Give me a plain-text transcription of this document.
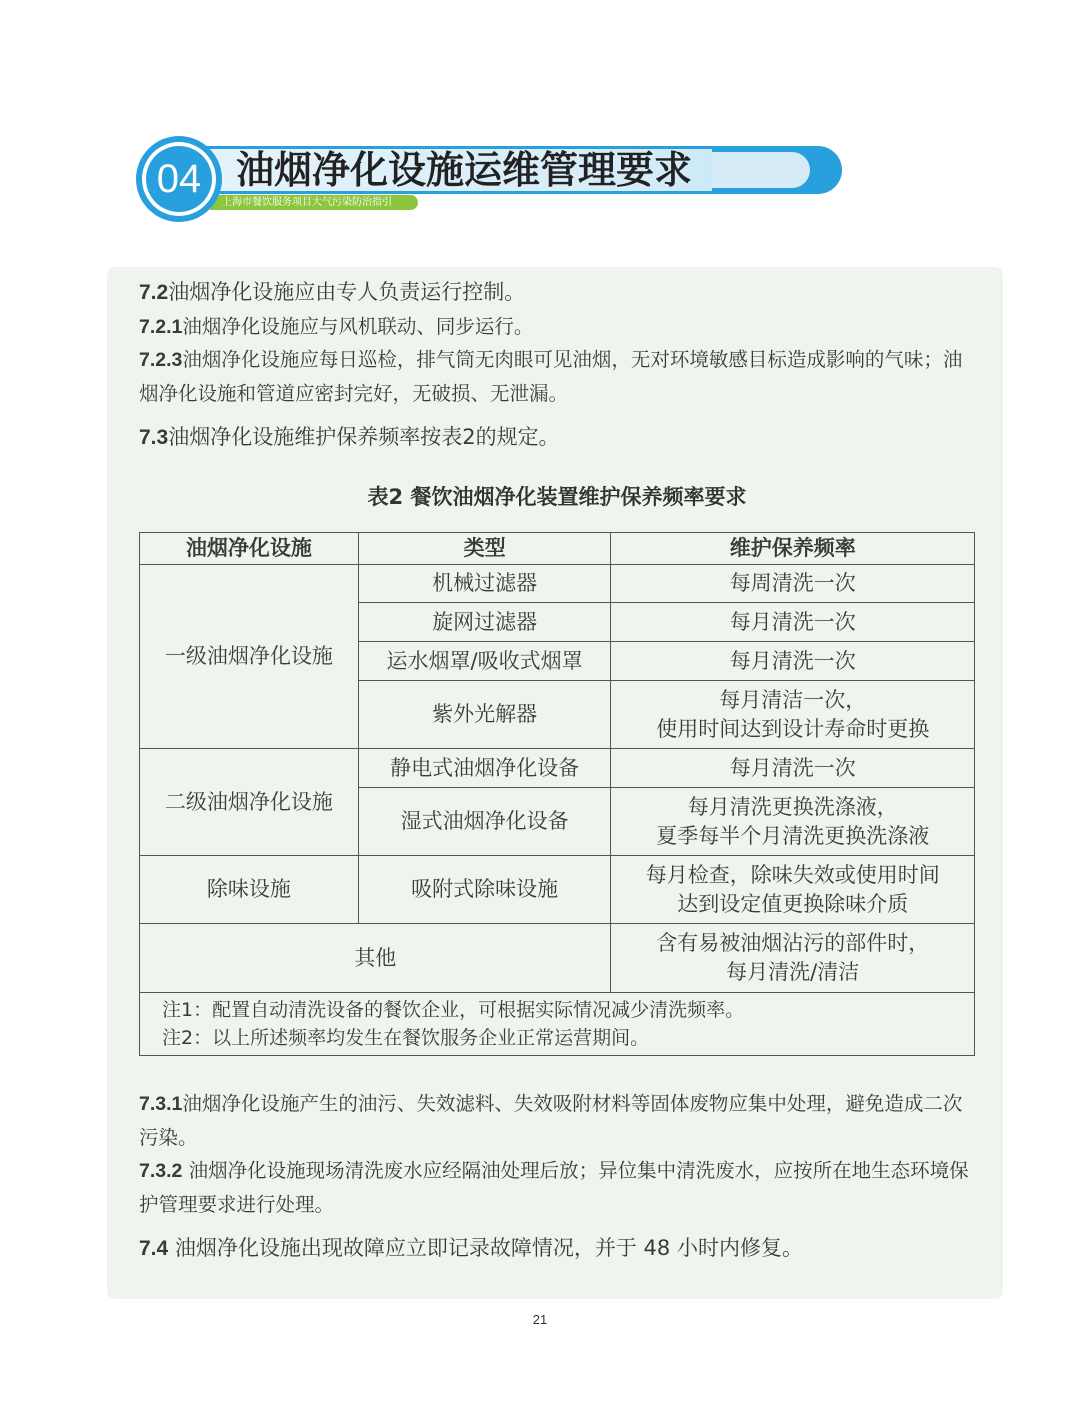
上海市餐饮服务项目大气污染防治指引
04 油烟净化设施运维管理要求
7.2油烟净化设施应由专人负责运行控制。
7.2.1油烟净化设施应与风机联动、同步运行。
7.2.3油烟净化设施应每日巡检，排气筒无肉眼可见油烟，无对环境敏感目标造成影响的气味；油烟净化设施和管道应密封完好，无破损、无泄漏。
7.3油烟净化设施维护保养频率按表2的规定。
表2 餐饮油烟净化装置维护保养频率要求
油烟净化设施	类型	维护保养频率
一级油烟净化设施	机械过滤器	每周清洗一次
	旋网过滤器	每月清洗一次
	运水烟罩/吸收式烟罩	每月清洗一次
	紫外光解器	每月清洁一次，
使用时间达到设计寿命时更换

二级油烟净化设施	静电式油烟净化设备	每月清洗一次
	湿式油烟净化设备	每月清洗更换洗涤液，
夏季每半个月清洗更换洗涤液

除味设施	吸附式除味设施	每月检查，除味失效或使用时间
达到设定值更换除味介质

其他		含有易被油烟沾污的部件时，
每月清洗/清洁

注1：配置自动清洗设备的餐饮企业，可根据实际情况减少清洗频率。
注2：以上所述频率均发生在餐饮服务企业正常运营期间。		
7.3.1油烟净化设施产生的油污、失效滤料、失效吸附材料等固体废物应集中处理，避免造成二次污染。
7.3.2 油烟净化设施现场清洗废水应经隔油处理后放；异位集中清洗废水，应按所在地生态环境保护管理要求进行处理。
7.4 油烟净化设施出现故障应立即记录故障情况，并于 48 小时内修复。
21
